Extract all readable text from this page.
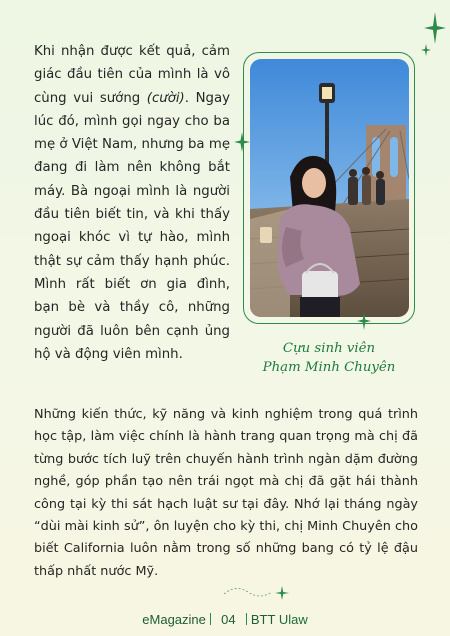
Khi nhận được kết quả, cảm giác đầu tiên của mình là vô cùng vui sướng (cười). Ngay lúc đó, mình gọi ngay cho ba mẹ ở Việt Nam, nhưng ba mẹ đang đi làm nên không bắt máy. Bà ngoại mình là người đầu tiên biết tin, và khi thấy ngoại khóc vì tự hào, mình thật sự cảm thấy hạnh phúc. Mình rất biết ơn gia đình, bạn bè và thầy cô, những người đã luôn bên cạnh ủng hộ và động viên mình.	Cựu sinh viên
Phạm Minh Chuyên

Những kiến thức, kỹ năng và kinh nghiệm trong quá trình học tập, làm việc chính là hành trang quan trọng mà chị đã từng bước tích luỹ trên chuyến hành trình ngàn dặm đường nghề, góp phần tạo nên trái ngọt mà chị đã gặt hái thành công tại kỳ thi sát hạch luật sư tại đây. Nhớ lại tháng ngày “dùi mài kinh sử”, ôn luyện cho kỳ thi, chị Minh Chuyên cho biết California luôn nằm trong số những bang có tỷ lệ đậu thấp nhất nước Mỹ.

eMagazine 04 BTT Ulaw
